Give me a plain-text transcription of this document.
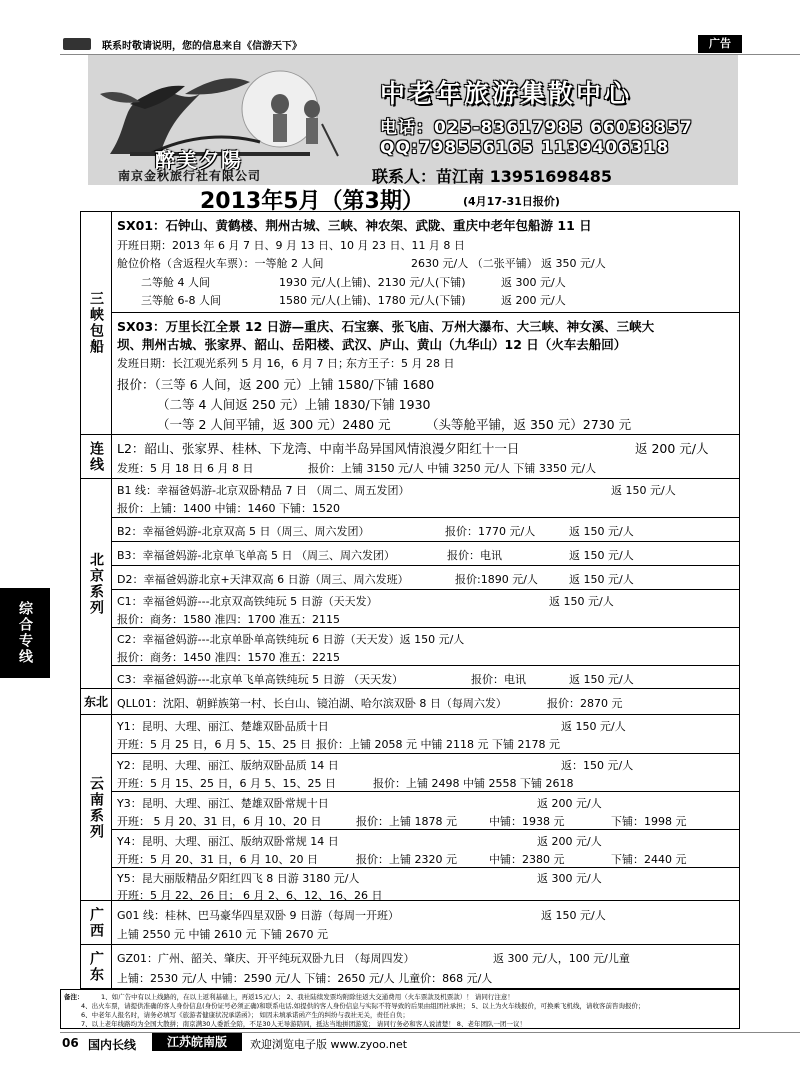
联系时敬请说明，您的信息来自《信游天下》	广告
醉美夕陽
南京金秋旅行社有限公司
中老年旅游集散中心
电话：025-83617985 66038857
QQ:798556165 1139406318
联系人：苗江南 13951698485
2013年5月（第3期）	(4月17-31日报价)
三峡包船
SX01：石钟山、黄鹤楼、荆州古城、三峡、神农架、武陇、重庆中老年包船游 11 日
开班日期：2013 年 6 月 7 日、9 月 13 日、10 月 23 日、11 月 8 日
舱位价格（含返程火车票）：一等舱 2 人间	2630 元/人 （二张平铺） 返 350 元/人
二等舱 4 人间	1930 元/人(上铺)、2130 元/人(下铺)	返 300 元/人
三等舱 6-8 人间	1580 元/人(上铺)、1780 元/人(下铺)	返 200 元/人
SX03：万里长江全景 12 日游—重庆、石宝寨、张飞庙、万州大瀑布、大三峡、神女溪、三峡大
坝、荆州古城、张家界、韶山、岳阳楼、武汉、庐山、黄山（九华山）12 日（火车去船回）
发班日期：长江观光系列 5 月 16，6 月 7 日；
东方王子：5 月 28 日
报价：（三等 6 人间，返 200 元）上铺 1580/下铺 1680
（二等 4 人间返 250 元）上铺 1830/下铺 1930
（一等 2 人间平铺，返 300 元）2480 元	（头等舱平铺，返 350 元）2730 元
连线	L2：韶山、张家界、桂林、下龙湾、中南半岛异国风情浪漫夕阳红十一日	返 200 元/人
发班：5 月 18 日 6 月 8 日	报价：上铺 3150 元/人 中铺 3250 元/人 下铺 3350 元/人
北京系列
B1 线：幸福爸妈游-北京双卧精品 7 日 （周二、周五发团）	返 150 元/人
报价：上铺：1400 中铺：1460 下铺：1520
B2：幸福爸妈游-北京双高 5 日（周三、周六发团）	报价：1770 元/人	返 150 元/人
B3：幸福爸妈游-北京单飞单高 5 日 （周三、周六发团）	报价：电讯	返 150 元/人
D2：幸福爸妈游北京+天津双高 6 日游（周三、周六发班）	报价:1890 元/人	返 150 元/人
C1：幸福爸妈游---北京双高铁纯玩 5 日游（天天发）	返 150 元/人
报价：商务：1580 准四：1700 准五：2115
C2：幸福爸妈游---北京单卧单高铁纯玩 6 日游（天天发）返 150 元/人
报价：商务：1450 准四：1570 准五：2215
C3：幸福爸妈游---北京单飞单高铁纯玩 5 日游 （天天发）	报价：电讯	返 150 元/人
东北 QLL01：沈阳、朝鲜族第一村、长白山、镜泊湖、哈尔滨双卧 8 日（每周六发）	报价：2870 元
云南系列
Y1：昆明、大理、丽江、楚雄双卧品质十日	返 150 元/人
开班：5 月 25 日，6 月 5、15、25 日 报价：上铺 2058 元 中铺 2118 元 下铺 2178 元
Y2：昆明、大理、丽江、版纳双卧品质 14 日	返：150 元/人
开班：5 月 15、25 日，6 月 5、15、25 日	报价：上铺 2498 中铺 2558 下铺 2618
Y3：昆明、大理、丽江、楚雄双卧常规十日	返 200 元/人
开班： 5 月 20、31 日，6 月 10、20 日	报价：上铺 1878 元	中铺：1938 元	下铺：1998 元
Y4：昆明、大理、丽江、版纳双卧常规 14 日	返 200 元/人
开班：5 月 20、31 日，6 月 10、20 日	报价：上铺 2320 元	中铺：2380 元	下铺：2440 元
Y5：昆大丽版精品夕阳红四飞 8 日游 3180 元/人	返 300 元/人
开班：5 月 22、26 日； 6 月 2、6、12、16、26 日
广西	G01 线：桂林、巴马豪华四星双卧 9 日游（每周一开班）	返 150 元/人
上铺 2550 元 中铺 2610 元 下铺 2670 元
广东	GZ01：广州、韶关、肇庆、开平纯玩双卧九日 （每周四发）	返 300 元/人，100 元/儿童
上铺：2530 元/人 中铺：2590 元/人 下铺：2650 元/人 儿童价：868 元/人
备注：	1、如广告中有以上线路的，在以上返利基础上，再返15元/人； 2、我社陆续发票均附除往返大交通费用（火车票款及机票款）！ 请同行注意！
4、出火车票，请提供准确的客人身份信息(身份证号必须正确)和联系电话,如提供的客人身份信息与实际不符导致的后果由组团社承担； 5、以上为火车线报价，可换乘飞机线，请收客前咨询报价；
6、中老年人报名时，请务必填写《旅游者健康状况承诺函》； 如因未填承诺函产生的纠纷与我社无关，责任自负；
7、以上老年线路均为全国大散拼；南京满30人委派全陪，不足30人无导游陪同，抵达当地拼团游览； 请同行务必和客人说清楚！ 8、老年团队一团一议！
06 国内长线	江苏皖南版	欢迎浏览电子版 www.zyoo.net
综合专线
